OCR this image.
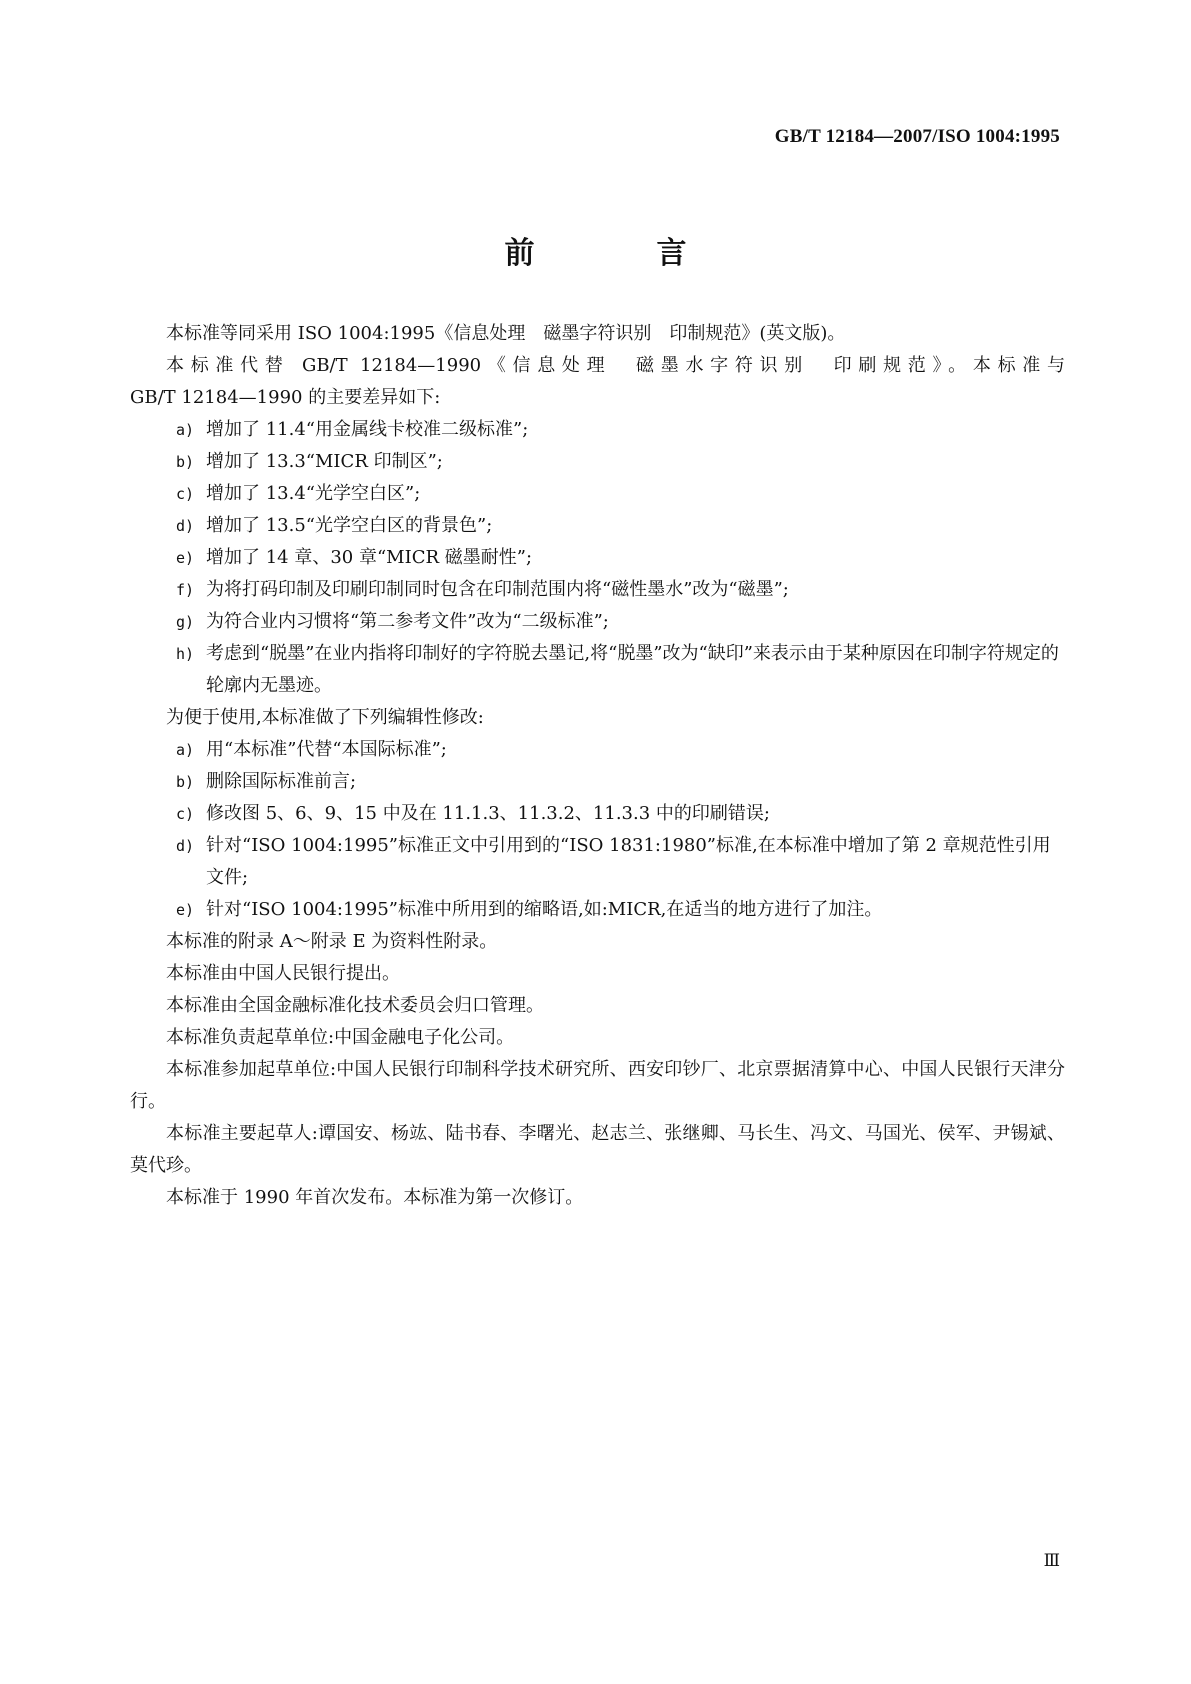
GB/T 12184—2007/ISO 1004:1995
前　言

本标准等同采用 ISO 1004:1995《信息处理　磁墨字符识别　印制规范》(英文版)。

本标准代替 GB/T 12184—1990《信息处理　磁墨水字符识别　印刷规范》。本标准与

GB/T 12184—1990 的主要差异如下:

a) 增加了 11.4“用金属线卡校准二级标准”;
b) 增加了 13.3“MICR 印制区”;
c) 增加了 13.4“光学空白区”;
d) 增加了 13.5“光学空白区的背景色”;
e) 增加了 14 章、30 章“MICR 磁墨耐性”;
f) 为将打码印制及印刷印制同时包含在印制范围内将“磁性墨水”改为“磁墨”;
g) 为符合业内习惯将“第二参考文件”改为“二级标准”;
h) 考虑到“脱墨”在业内指将印制好的字符脱去墨记,将“脱墨”改为“缺印”来表示由于某种原因在印制字符规定的轮廓内无墨迹。

为便于使用,本标准做了下列编辑性修改:

a) 用“本标准”代替“本国际标准”;
b) 删除国际标准前言;
c) 修改图 5、6、9、15 中及在 11.1.3、11.3.2、11.3.3 中的印刷错误;
d) 针对“ISO 1004:1995”标准正文中引用到的“ISO 1831:1980”标准,在本标准中增加了第 2 章规范性引用文件;
e) 针对“ISO 1004:1995”标准中所用到的缩略语,如:MICR,在适当的地方进行了加注。

本标准的附录 A～附录 E 为资料性附录。

本标准由中国人民银行提出。

本标准由全国金融标准化技术委员会归口管理。

本标准负责起草单位:中国金融电子化公司。

本标准参加起草单位:中国人民银行印制科学技术研究所、西安印钞厂、北京票据清算中心、中国人民银行天津分行。

本标准主要起草人:谭国安、杨竑、陆书春、李曙光、赵志兰、张继卿、马长生、冯文、马国光、侯军、尹锡斌、莫代珍。

本标准于 1990 年首次发布。本标准为第一次修订。

Ⅲ
